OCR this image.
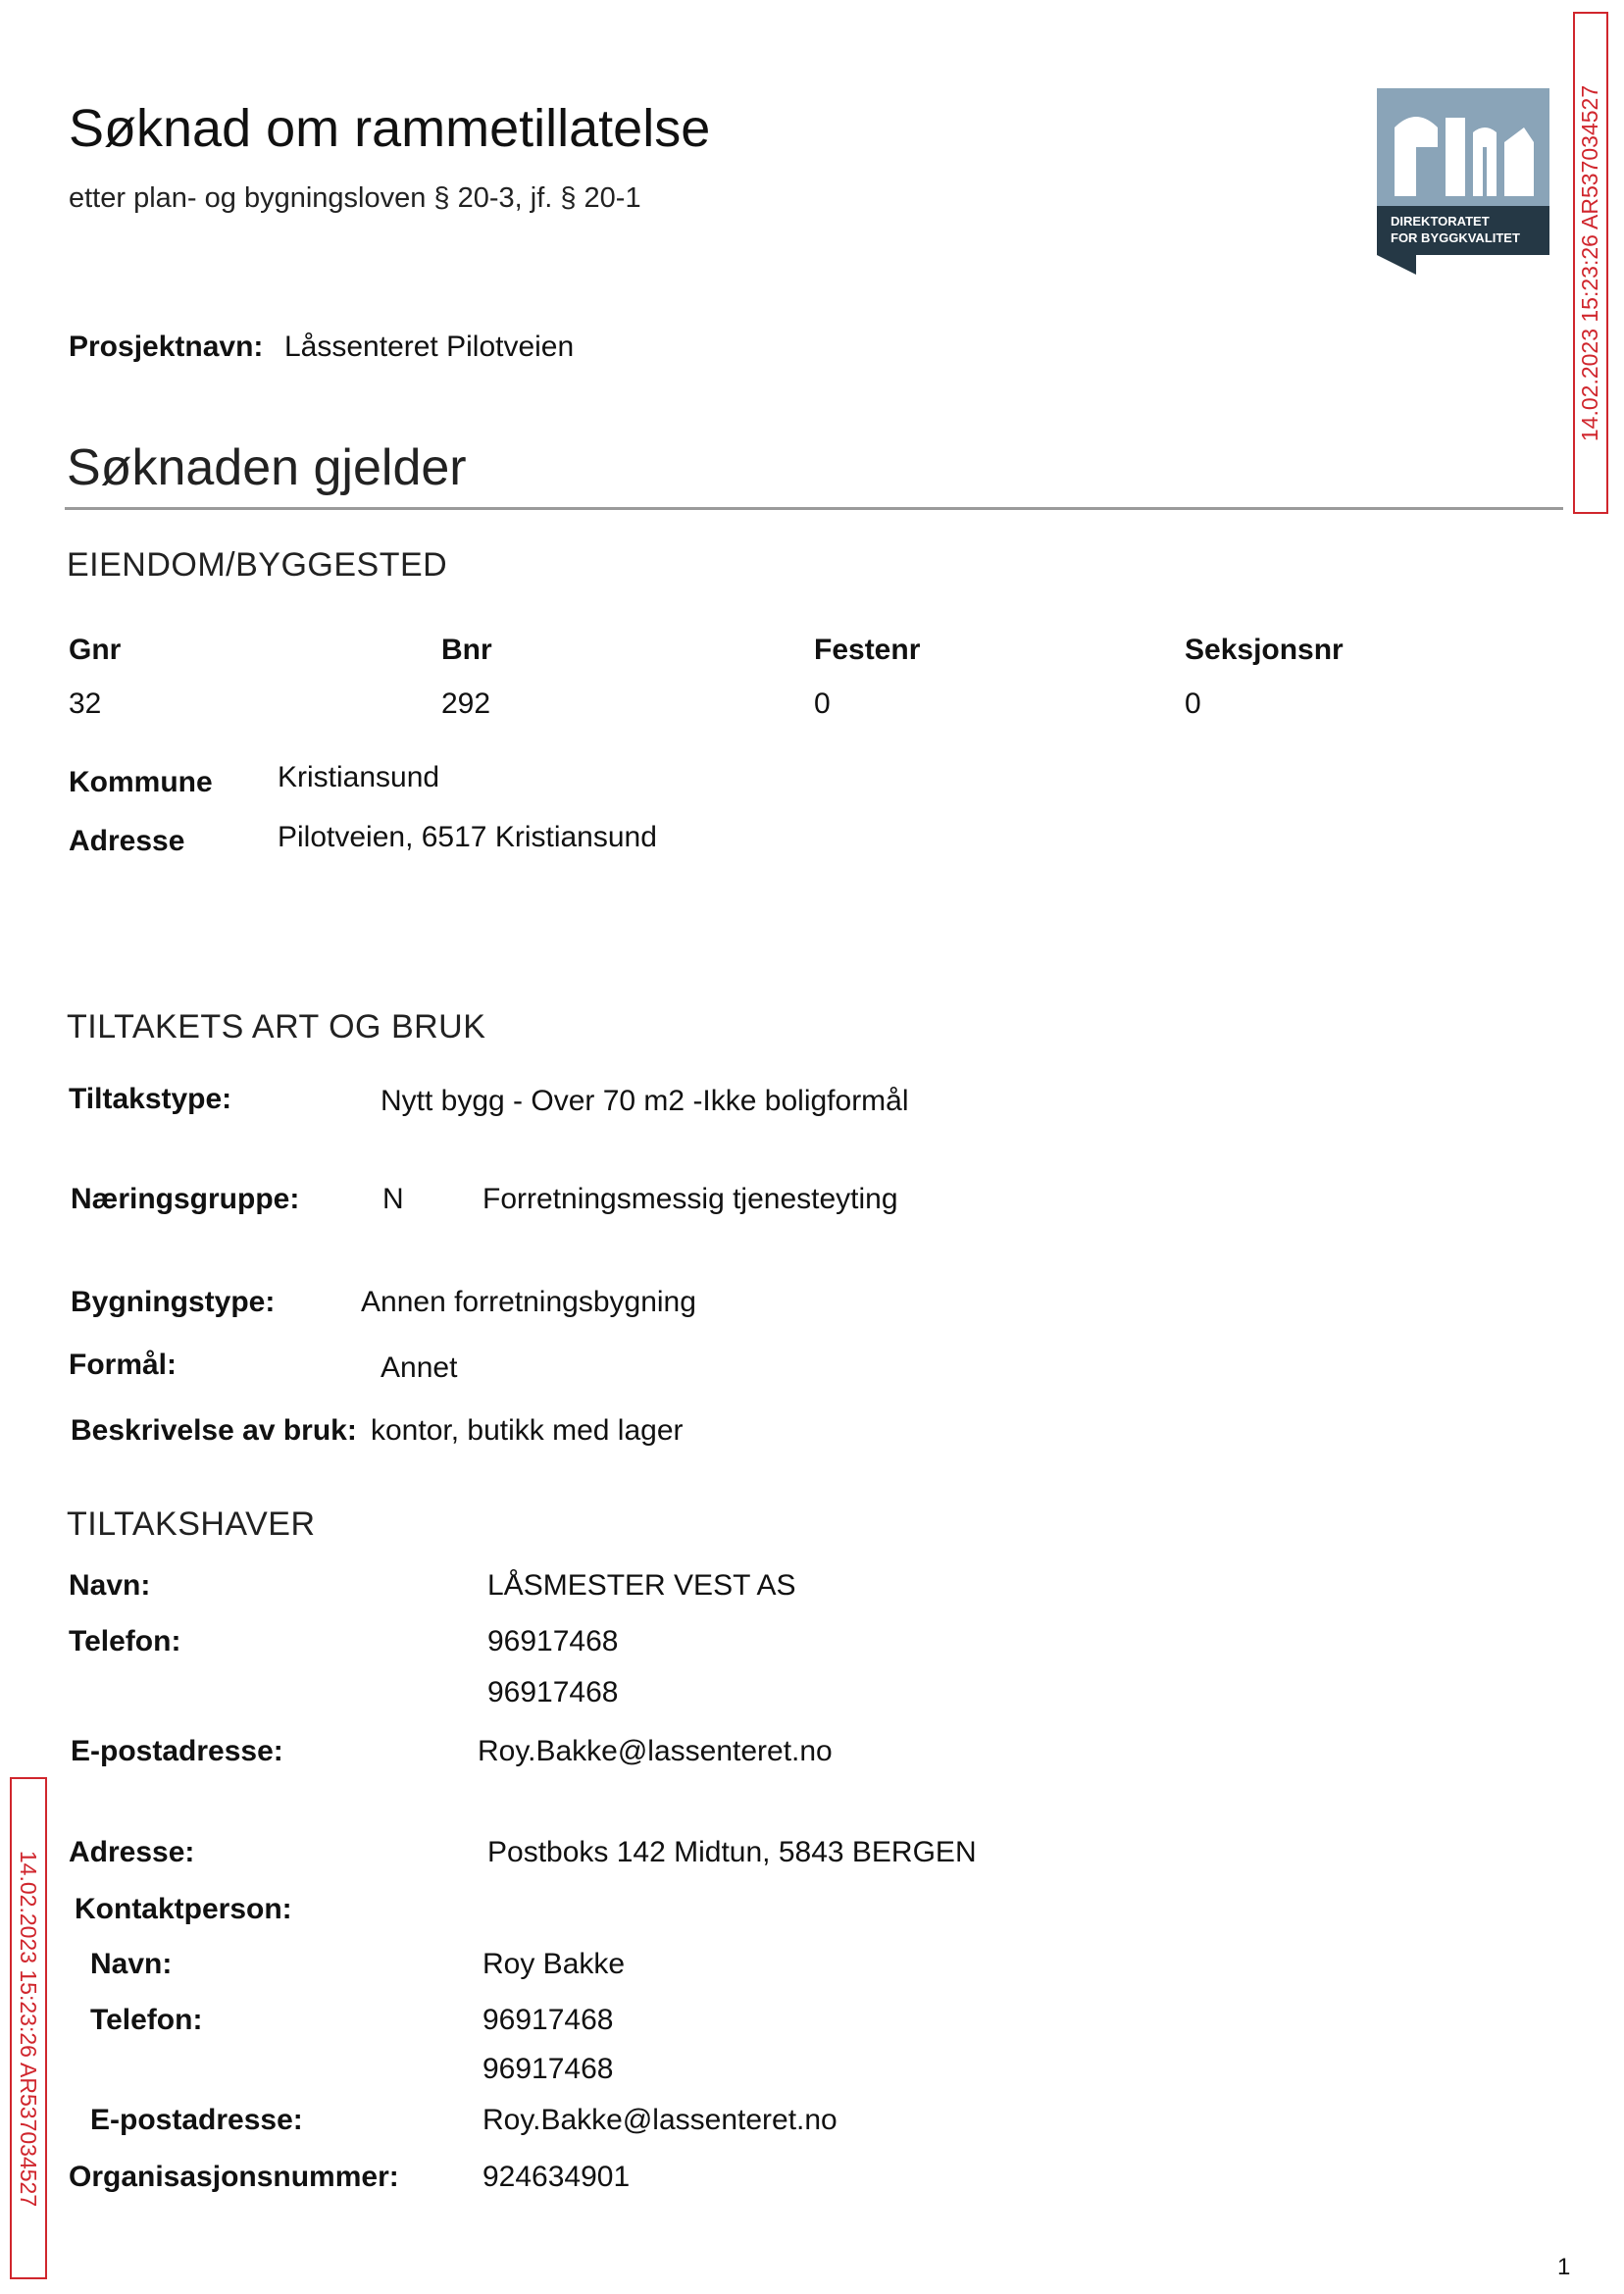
Søknad om rammetillatelse
etter plan- og bygningsloven § 20-3, jf. § 20-1
DIREKTORATET
FOR BYGGKVALITET
Prosjektnavn: Låssenteret Pilotveien
Søknaden gjelder
EIENDOM/BYGGESTED
Gnr	Bnr	Festenr	Seksjonsnr
32	292	0	0
Kommune Kristiansund
Adresse	Pilotveien, 6517 Kristiansund
TILTAKETS ART OG BRUK
Tiltakstype:	Nytt bygg - Over 70 m2 -Ikke boligformål
Næringsgruppe:	N	Forretningsmessig tjenesteyting
Bygningstype:	Annen forretningsbygning
Formål:	Annet
Beskrivelse av bruk: kontor, butikk med lager
TILTAKSHAVER
Navn:	LÅSMESTER VEST AS
Telefon:	96917468
96917468
E-postadresse:	Roy.Bakke@lassenteret.no
Adresse:	Postboks 142 Midtun, 5843 BERGEN
Kontaktperson:
Navn:	Roy Bakke
Telefon:	96917468
96917468
E-postadresse:	Roy.Bakke@lassenteret.no
Organisasjonsnummer:	924634901
14.02.2023 15:23:26 AR537034527
14.02.2023 15:23:26 AR537034527
1
